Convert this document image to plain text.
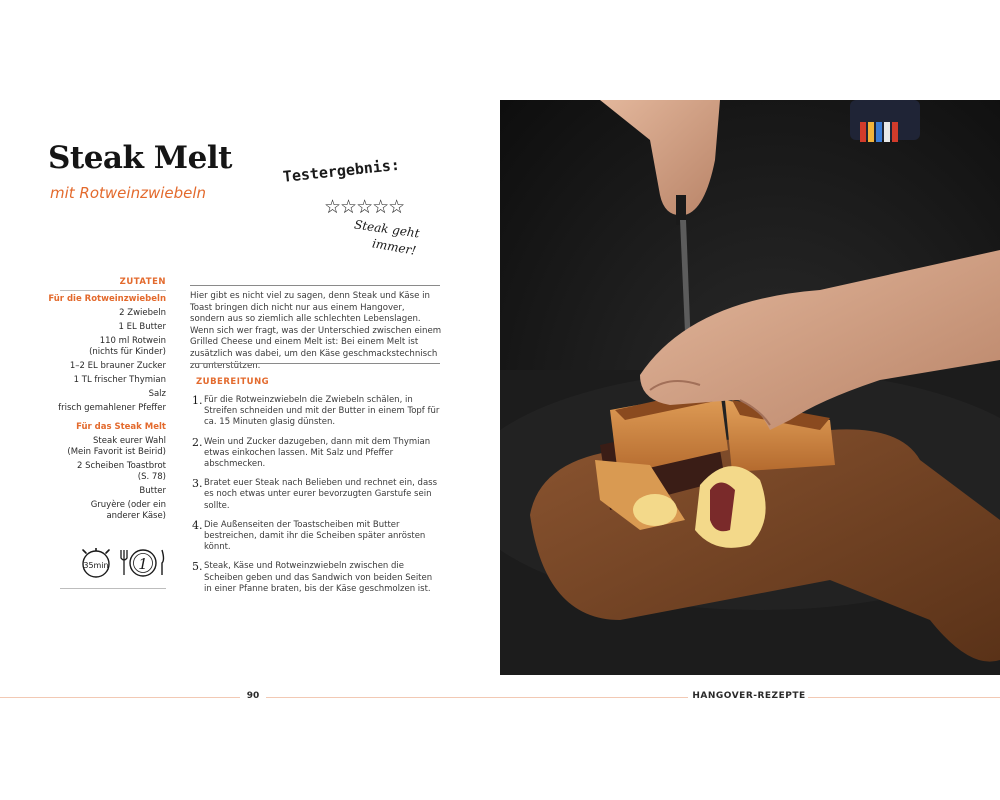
Steak Melt
mit Rotweinzwiebeln
Testergebnis:
☆☆☆☆☆
Steak geht
immer!
ZUTATEN
Für die Rotweinzwiebeln
2 Zwiebeln
1 EL Butter
110 ml Rotwein
(nichts für Kinder)
1–2 EL brauner Zucker
1 TL frischer Thymian
Salz
frisch gemahlener Pfeffer
Für das Steak Melt
Steak eurer Wahl
(Mein Favorit ist Beirid)
2 Scheiben Toastbrot
(S. 78)
Butter
Gruyère (oder ein
anderer Käse)
35min 1
Hier gibt es nicht viel zu sagen, denn Steak und Käse in Toast bringen dich nicht nur aus einem Hangover, sondern aus so ziemlich alle schlechten Lebenslagen. Wenn sich wer fragt, was der Unterschied zwischen einem Grilled Cheese und einem Melt ist: Bei einem Melt ist zusätzlich was dabei, um den Käse geschmackstechnisch zu unterstützen.
ZUBEREITUNG
1. Für die Rotweinzwiebeln die Zwiebeln schälen, in Streifen schneiden und mit der Butter in einem Topf für ca. 15 Minuten glasig dünsten.
2. Wein und Zucker dazugeben, dann mit dem Thymian etwas einkochen lassen. Mit Salz und Pfeffer abschmecken.
3. Bratet euer Steak nach Belieben und rechnet ein, dass es noch etwas unter eurer bevorzugten Garstufe sein sollte.
4. Die Außenseiten der Toastscheiben mit Butter bestreichen, damit ihr die Scheiben später anrösten könnt.
5. Steak, Käse und Rotweinzwiebeln zwischen die Scheiben geben und das Sandwich von beiden Seiten in einer Pfanne braten, bis der Käse geschmolzen ist.
90	HANGOVER-REZEPTE
